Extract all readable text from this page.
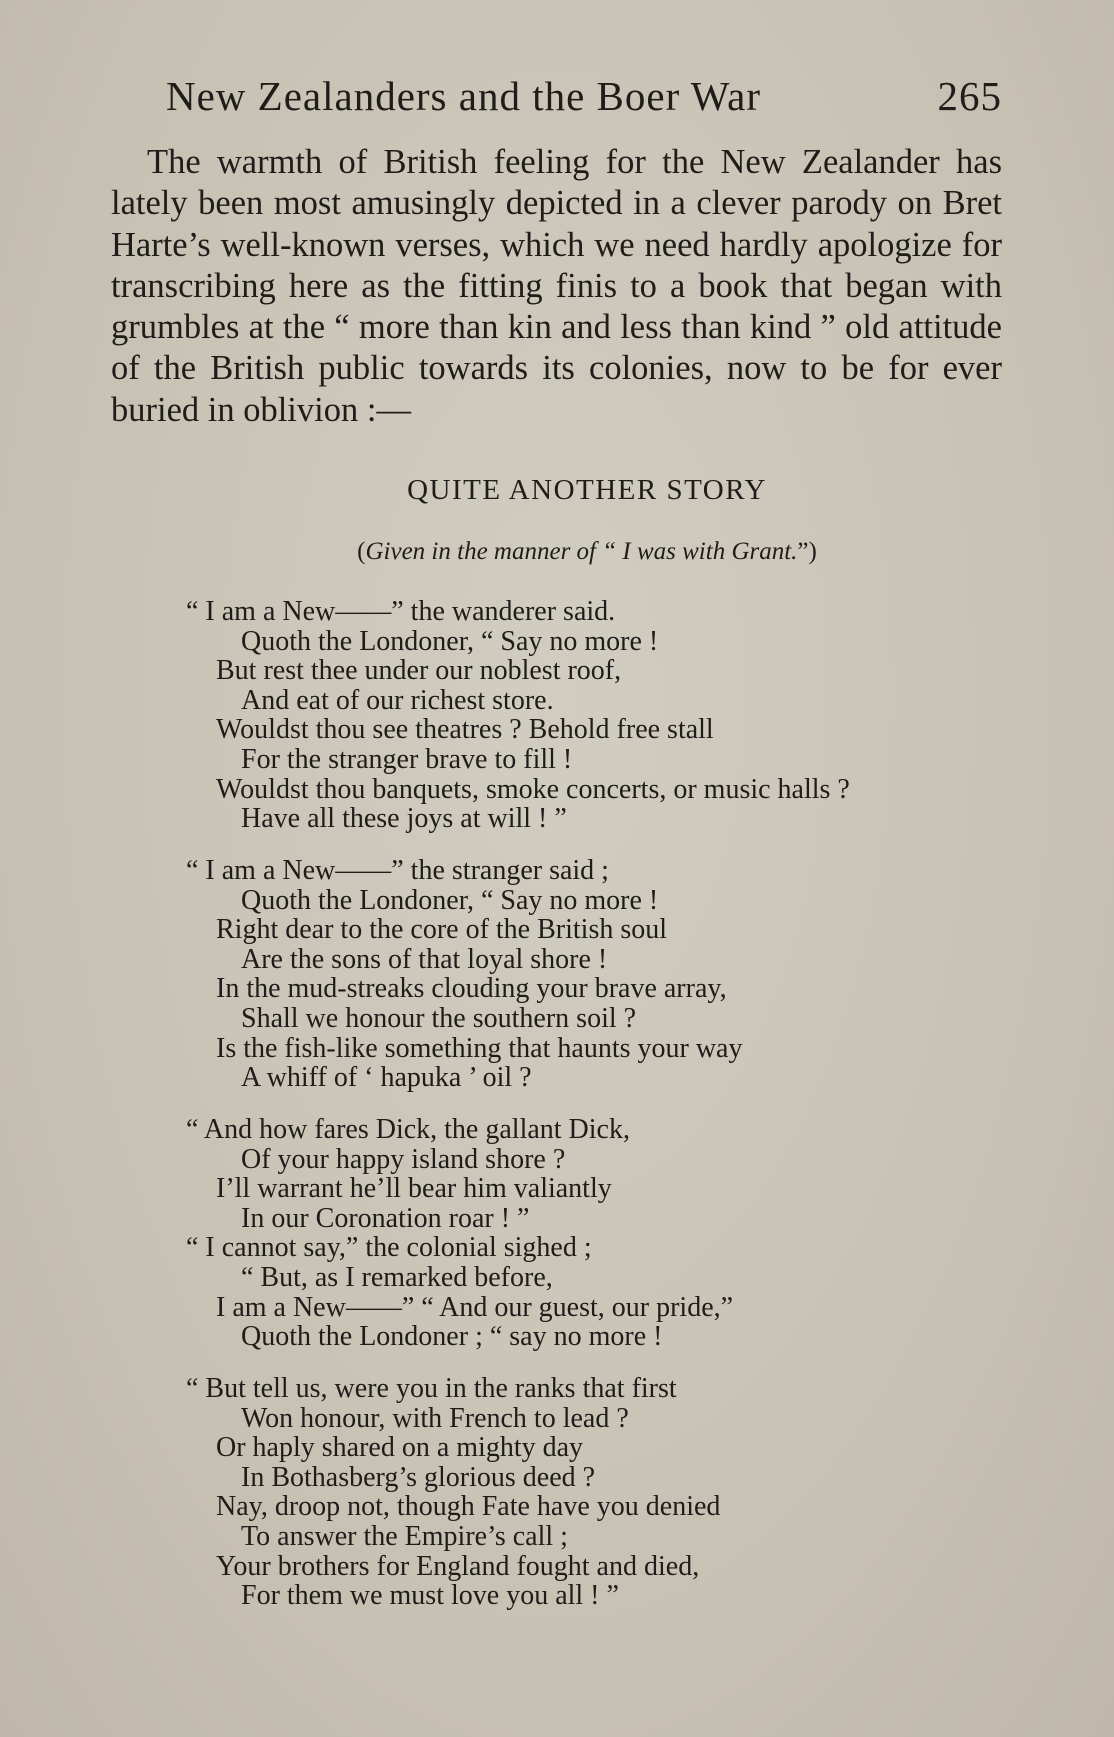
New Zealanders and the Boer War	265

The warmth of British feeling for the New Zealander has lately been most amusingly depicted in a clever parody on Bret Harte’s well-known verses, which we need hardly apologize for transcribing here as the fitting finis to a book that began with grumbles at the “ more than kin and less than kind ” old attitude of the British public towards its colonies, now to be for ever buried in oblivion :—

QUITE ANOTHER STORY
(Given in the manner of “ I was with Grant.”)
“ I am a New——” the wanderer said.
Quoth the Londoner, “ Say no more !
But rest thee under our noblest roof,
And eat of our richest store.
Wouldst thou see theatres ? Behold free stall
For the stranger brave to fill !
Wouldst thou banquets, smoke concerts, or music halls ?
Have all these joys at will ! ”
“ I am a New——” the stranger said ;
Quoth the Londoner, “ Say no more !
Right dear to the core of the British soul
Are the sons of that loyal shore !
In the mud-streaks clouding your brave array,
Shall we honour the southern soil ?
Is the fish-like something that haunts your way
A whiff of ‘ hapuka ’ oil ?
“ And how fares Dick, the gallant Dick,
Of your happy island shore ?
I’ll warrant he’ll bear him valiantly
In our Coronation roar ! ”
“ I cannot say,” the colonial sighed ;
“ But, as I remarked before,
I am a New——” “ And our guest, our pride,”
Quoth the Londoner ; “ say no more !
“ But tell us, were you in the ranks that first
Won honour, with French to lead ?
Or haply shared on a mighty day
In Bothasberg’s glorious deed ?
Nay, droop not, though Fate have you denied
To answer the Empire’s call ;
Your brothers for England fought and died,
For them we must love you all ! ”
